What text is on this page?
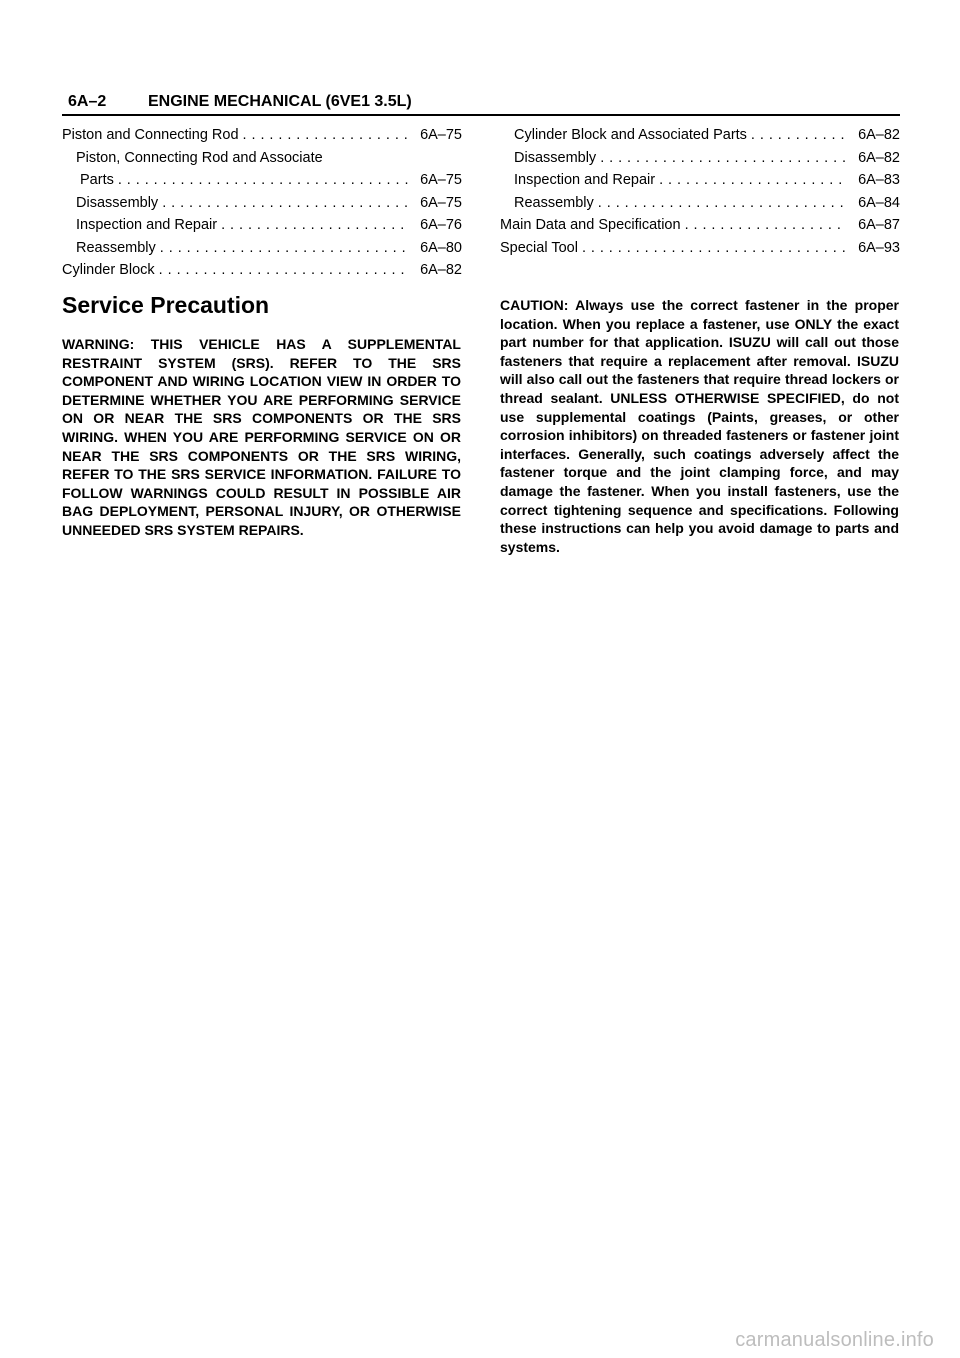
6A–2	ENGINE MECHANICAL (6VE1 3.5L)
Piston and Connecting Rod . . .	6A–75
Piston, Connecting Rod and Associate
Parts . . .	6A–75
Disassembly . . .	6A–75
Inspection and Repair . . .	6A–76
Reassembly . . .	6A–80
Cylinder Block . . .	6A–82
Cylinder Block and Associated Parts . . .	6A–82
Disassembly . . .	6A–82
Inspection and Repair . . .	6A–83
Reassembly . . .	6A–84
Main Data and Specification . . .	6A–87
Special Tool . . .	6A–93
Service Precaution
WARNING: THIS VEHICLE HAS A SUPPLEMENTAL RESTRAINT SYSTEM (SRS). REFER TO THE SRS COMPONENT AND WIRING LOCATION VIEW IN ORDER TO DETERMINE WHETHER YOU ARE PERFORMING SERVICE ON OR NEAR THE SRS COMPONENTS OR THE SRS WIRING. WHEN YOU ARE PERFORMING SERVICE ON OR NEAR THE SRS COMPONENTS OR THE SRS WIRING, REFER TO THE SRS SERVICE INFORMATION. FAILURE TO FOLLOW WARNINGS COULD RESULT IN POSSIBLE AIR BAG DEPLOYMENT, PERSONAL INJURY, OR OTHERWISE UNNEEDED SRS SYSTEM REPAIRS.
CAUTION: Always use the correct fastener in the proper location. When you replace a fastener, use ONLY the exact part number for that application. ISUZU will call out those fasteners that require a replacement after removal. ISUZU will also call out the fasteners that require thread lockers or thread sealant. UNLESS OTHERWISE SPECIFIED, do not use supplemental coatings (Paints, greases, or other corrosion inhibitors) on threaded fasteners or fastener joint interfaces. Generally, such coatings adversely affect the fastener torque and the joint clamping force, and may damage the fastener. When you install fasteners, use the correct tightening sequence and specifications. Following these instructions can help you avoid damage to parts and systems.
carmanualsonline.info
